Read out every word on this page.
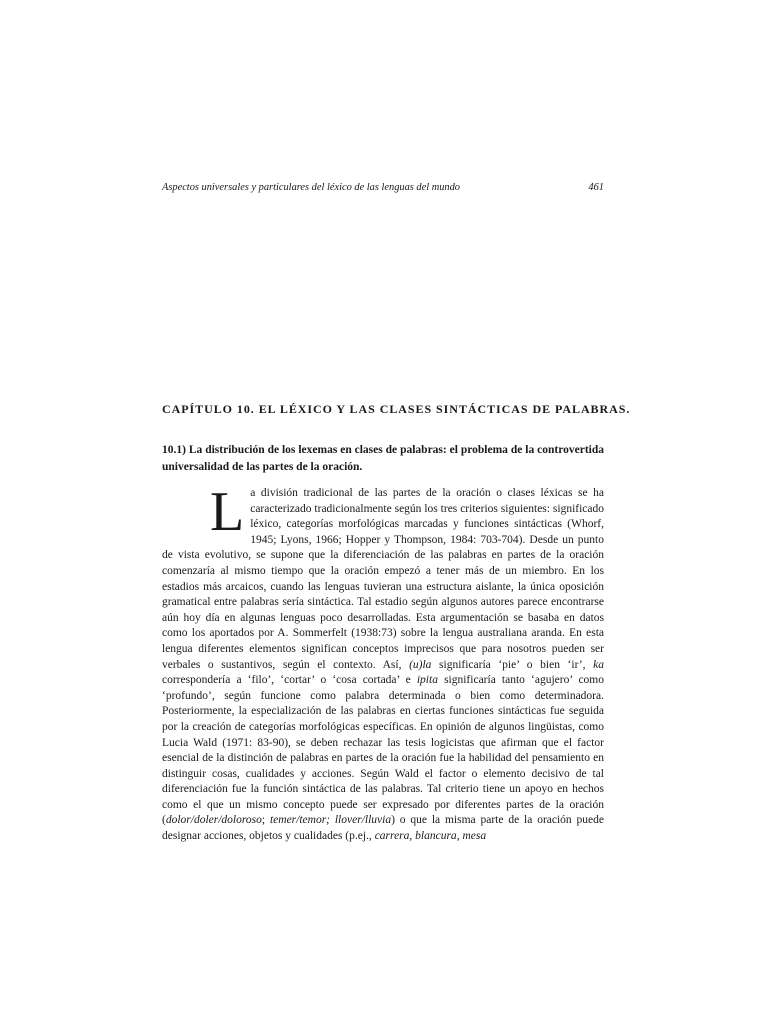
Aspectos universales y particulares del léxico de las lenguas del mundo	461
CAPÍTULO 10. EL LÉXICO Y LAS CLASES SINTÁCTICAS DE PALABRAS.
10.1) La distribución de los lexemas en clases de palabras: el problema de la controvertida universalidad de las partes de la oración.
La división tradicional de las partes de la oración o clases léxicas se ha caracterizado tradicionalmente según los tres criterios siguientes: significado léxico, categorías morfológicas marcadas y funciones sintácticas (Whorf, 1945; Lyons, 1966; Hopper y Thompson, 1984: 703-704). Desde un punto de vista evolutivo, se supone que la diferenciación de las palabras en partes de la oración comenzaría al mismo tiempo que la oración empezó a tener más de un miembro. En los estadios más arcaicos, cuando las lenguas tuvieran una estructura aislante, la única oposición gramatical entre palabras sería sintáctica. Tal estadio según algunos autores parece encontrarse aún hoy día en algunas lenguas poco desarrolladas. Esta argumentación se basaba en datos como los aportados por A. Sommerfelt (1938:73) sobre la lengua australiana aranda. En esta lengua diferentes elementos significan conceptos imprecisos que para nosotros pueden ser verbales o sustantivos, según el contexto. Así, (u)la significaría ‘pie’ o bien ‘ir’, ka correspondería a ‘filo’, ‘cortar’ o ‘cosa cortada’ e ipita significaría tanto ‘agujero’ como ‘profundo’, según funcione como palabra determinada o bien como determinadora. Posteriormente, la especialización de las palabras en ciertas funciones sintácticas fue seguida por la creación de categorías morfológicas específicas. En opinión de algunos lingüistas, como Lucia Wald (1971: 83-90), se deben rechazar las tesis logicistas que afirman que el factor esencial de la distinción de palabras en partes de la oración fue la habilidad del pensamiento en distinguir cosas, cualidades y acciones. Según Wald el factor o elemento decisivo de tal diferenciación fue la función sintáctica de las palabras. Tal criterio tiene un apoyo en hechos como el que un mismo concepto puede ser expresado por diferentes partes de la oración (dolor/doler/doloroso; temer/temor; llover/lluvia) o que la misma parte de la oración puede designar acciones, objetos y cualidades (p.ej., carrera, blancura, mesa
